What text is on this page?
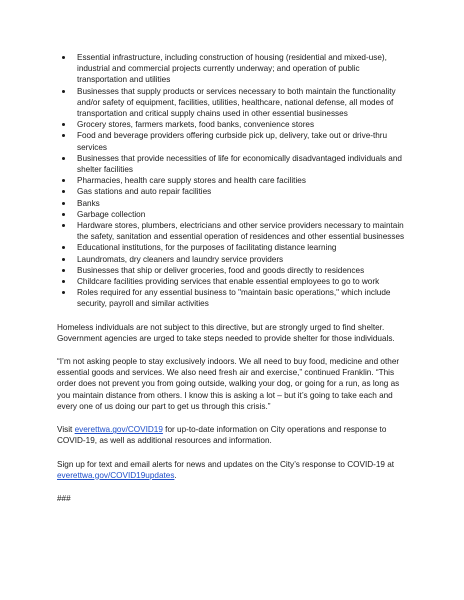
Essential infrastructure, including construction of housing (residential and mixed-use), industrial and commercial projects currently underway; and operation of public transportation and utilities
Businesses that supply products or services necessary to both maintain the functionality and/or safety of equipment, facilities, utilities, healthcare, national defense, all modes of transportation and critical supply chains used in other essential businesses
Grocery stores, farmers markets, food banks, convenience stores
Food and beverage providers offering curbside pick up, delivery, take out or drive-thru services
Businesses that provide necessities of life for economically disadvantaged individuals and shelter facilities
Pharmacies, health care supply stores and health care facilities
Gas stations and auto repair facilities
Banks
Garbage collection
Hardware stores, plumbers, electricians and other service providers necessary to maintain the safety, sanitation and essential operation of residences and other essential businesses
Educational institutions, for the purposes of facilitating distance learning
Laundromats, dry cleaners and laundry service providers
Businesses that ship or deliver groceries, food and goods directly to residences
Childcare facilities providing services that enable essential employees to go to work
Roles required for any essential business to "maintain basic operations," which include security, payroll and similar activities

Homeless individuals are not subject to this directive, but are strongly urged to find shelter. Government agencies are urged to take steps needed to provide shelter for those individuals.

“I’m not asking people to stay exclusively indoors. We all need to buy food, medicine and other essential goods and services. We also need fresh air and exercise,” continued Franklin. “This order does not prevent you from going outside, walking your dog, or going for a run, as long as you maintain distance from others. I know this is asking a lot – but it’s going to take each and every one of us doing our part to get us through this crisis.”

Visit everettwa.gov/COVID19 for up-to-date information on City operations and response to COVID-19, as well as additional resources and information.

Sign up for text and email alerts for news and updates on the City’s response to COVID-19 at everettwa.gov/COVID19updates.

###
